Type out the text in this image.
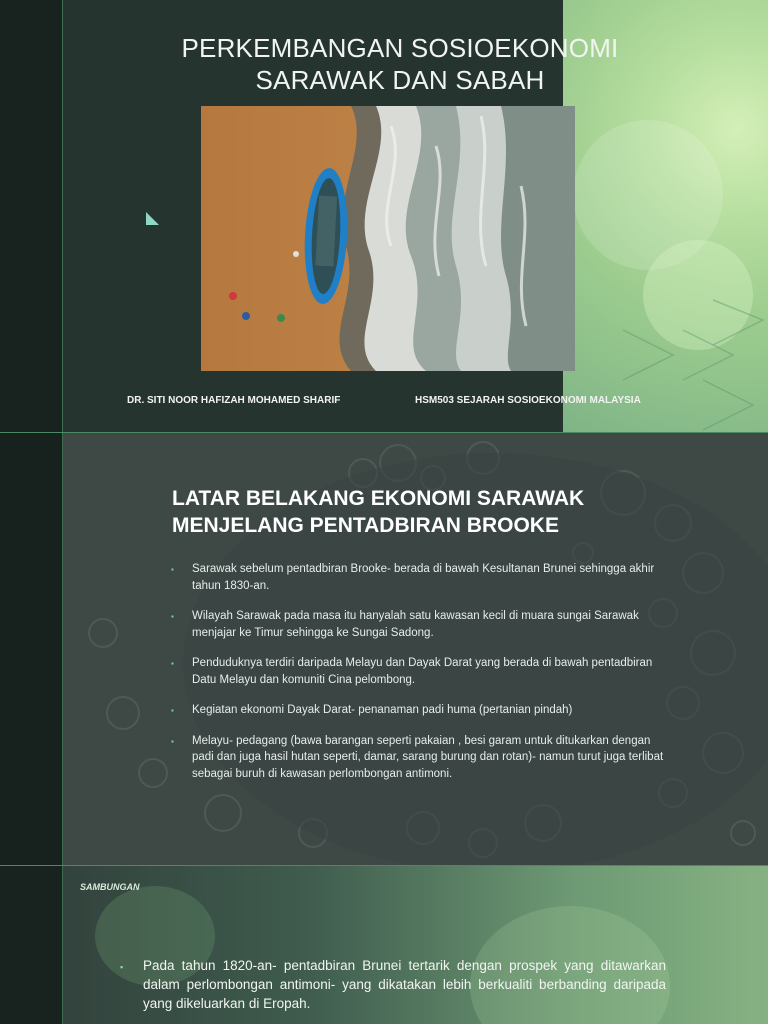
PERKEMBANGAN SOSIOEKONOMI
SARAWAK DAN SABAH
DR. SITI NOOR HAFIZAH MOHAMED SHARIF	HSM503 SEJARAH SOSIOEKONOMI MALAYSIA
LATAR BELAKANG EKONOMI SARAWAK
MENJELANG PENTADBIRAN BROOKE
▪ Sarawak sebelum pentadbiran Brooke- berada di bawah Kesultanan Brunei sehingga akhir tahun 1830-an.
▪ Wilayah Sarawak pada masa itu hanyalah satu kawasan kecil di muara sungai Sarawak menjajar ke Timur sehingga ke Sungai Sadong.
▪ Penduduknya terdiri daripada Melayu dan Dayak Darat yang berada di bawah pentadbiran Datu Melayu dan komuniti Cina pelombong.
▪ Kegiatan ekonomi Dayak Darat- penanaman padi huma (pertanian pindah)
▪ Melayu- pedagang (bawa barangan seperti pakaian , besi garam untuk ditukarkan dengan padi dan juga hasil hutan seperti, damar, sarang burung dan rotan)- namun turut juga terlibat sebagai buruh di kawasan perlombongan antimoni.
SAMBUNGAN
▪	Pada tahun 1820-an- pentadbiran Brunei tertarik dengan prospek yang ditawarkan dalam perlombongan antimoni- yang dikatakan lebih berkualiti berbanding daripada yang dikeluarkan di Eropah.
